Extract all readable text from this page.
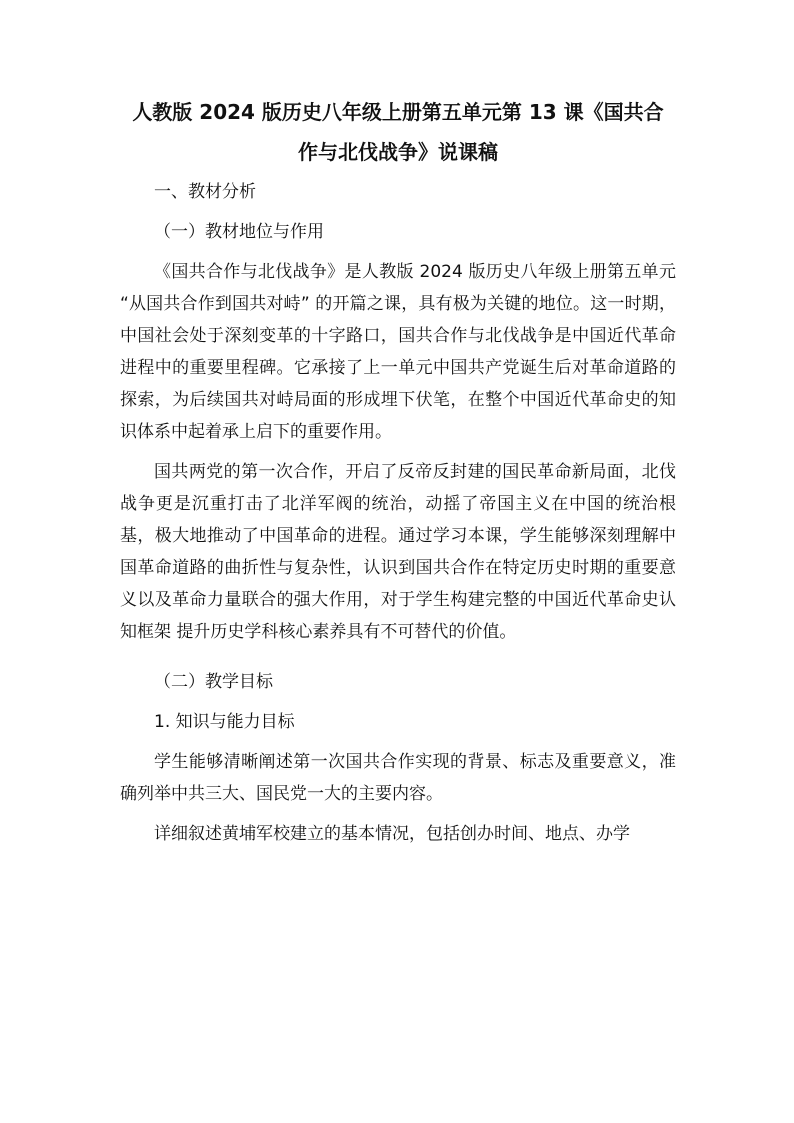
人教版 2024 版历史八年级上册第五单元第 13 课《国共合
作与北伐战争》说课稿

一、教材分析

（一）教材地位与作用

《国共合作与北伐战争》是人教版 2024 版历史八年级上册第五单元 “从国共合作到国共对峙” 的开篇之课，具有极为关键的地位。这一时期，中国社会处于深刻变革的十字路口，国共合作与北伐战争是中国近代革命进程中的重要里程碑。它承接了上一单元中国共产党诞生后对革命道路的探索，为后续国共对峙局面的形成埋下伏笔，在整个中国近代革命史的知识体系中起着承上启下的重要作用。

国共两党的第一次合作，开启了反帝反封建的国民革命新局面，北伐战争更是沉重打击了北洋军阀的统治，动摇了帝国主义在中国的统治根基，极大地推动了中国革命的进程。通过学习本课，学生能够深刻理解中国革命道路的曲折性与复杂性，认识到国共合作在特定历史时期的重要意义以及革命力量联合的强大作用，对于学生构建完整的中国近代革命史认知框架 提升历史学科核心素养具有不可替代的价值。

（二）教学目标

1. 知识与能力目标

学生能够清晰阐述第一次国共合作实现的背景、标志及重要意义，准确列举中共三大、国民党一大的主要内容。

详细叙述黄埔军校建立的基本情况，包括创办时间、地点、办学
